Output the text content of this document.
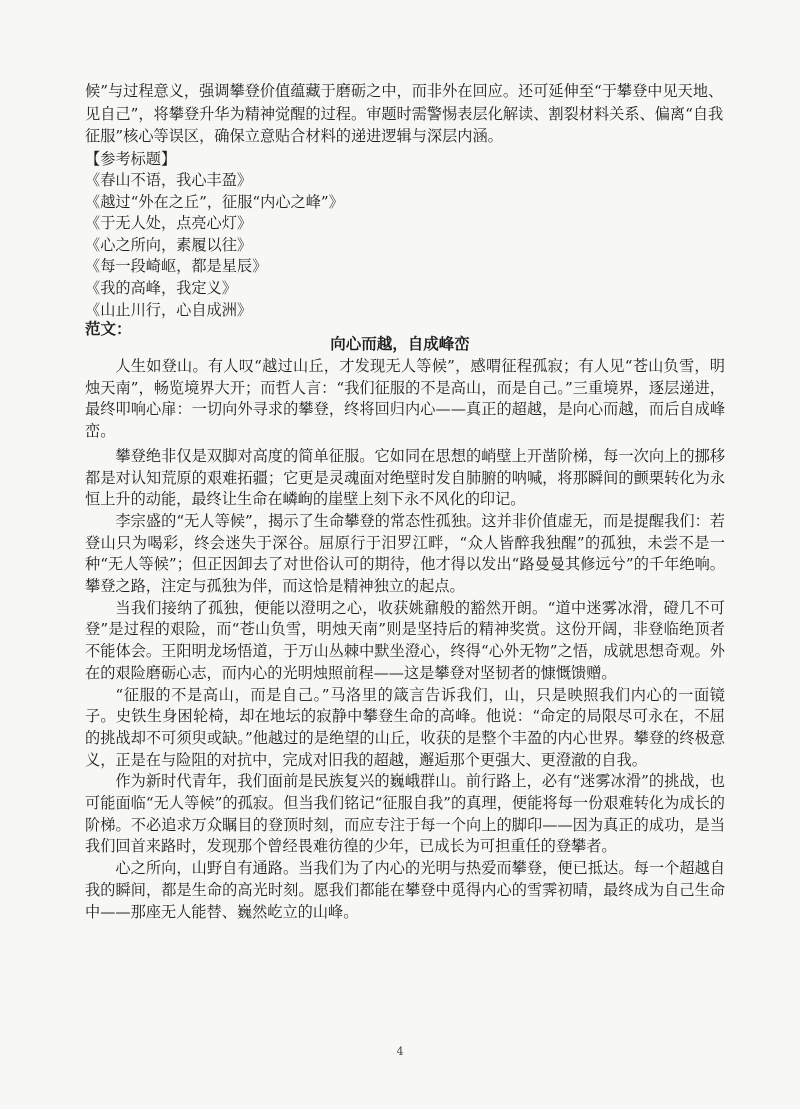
候”与过程意义，强调攀登价值蕴藏于磨砺之中，而非外在回应。还可延伸至“于攀登中见天地、见自己”，将攀登升华为精神觉醒的过程。审题时需警惕表层化解读、割裂材料关系、偏离“自我征服”核心等误区，确保立意贴合材料的递进逻辑与深层内涵。

【参考标题】
《春山不语，我心丰盈》
《越过“外在之丘”，征服“内心之峰”》
《于无人处，点亮心灯》
《心之所向，素履以往》
《每一段崎岖，都是星辰》
《我的高峰，我定义》
《山止川行，心自成洲》
范文：
向心而越，自成峰峦

人生如登山。有人叹“越过山丘，才发现无人等候”，感喟征程孤寂；有人见“苍山负雪，明烛天南”，畅览境界大开；而哲人言：“我们征服的不是高山，而是自己。”三重境界，逐层递进，最终叩响心扉：一切向外寻求的攀登，终将回归内心——真正的超越，是向心而越，而后自成峰峦。

攀登绝非仅是双脚对高度的简单征服。它如同在思想的峭壁上开凿阶梯，每一次向上的挪移都是对认知荒原的艰难拓疆；它更是灵魂面对绝壁时发自肺腑的呐喊，将那瞬间的颤栗转化为永恒上升的动能，最终让生命在嶙峋的崖壁上刻下永不风化的印记。

李宗盛的“无人等候”，揭示了生命攀登的常态性孤独。这并非价值虚无，而是提醒我们：若登山只为喝彩，终会迷失于深谷。屈原行于汨罗江畔，“众人皆醉我独醒”的孤独，未尝不是一种“无人等候”；但正因卸去了对世俗认可的期待，他才得以发出“路曼曼其修远兮”的千年绝响。攀登之路，注定与孤独为伴，而这恰是精神独立的起点。

当我们接纳了孤独，便能以澄明之心，收获姚鼐般的豁然开朗。“道中迷雾冰滑，磴几不可登”是过程的艰险，而“苍山负雪，明烛天南”则是坚持后的精神奖赏。这份开阔，非登临绝顶者不能体会。王阳明龙场悟道，于万山丛棘中默坐澄心，终得“心外无物”之悟，成就思想奇观。外在的艰险磨砺心志，而内心的光明烛照前程——这是攀登对坚韧者的慷慨馈赠。

“征服的不是高山，而是自己。”马洛里的箴言告诉我们，山，只是映照我们内心的一面镜子。史铁生身困轮椅，却在地坛的寂静中攀登生命的高峰。他说：“命定的局限尽可永在，不屈的挑战却不可须臾或缺。”他越过的是绝望的山丘，收获的是整个丰盈的内心世界。攀登的终极意义，正是在与险阻的对抗中，完成对旧我的超越，邂逅那个更强大、更澄澈的自我。

作为新时代青年，我们面前是民族复兴的巍峨群山。前行路上，必有“迷雾冰滑”的挑战，也可能面临“无人等候”的孤寂。但当我们铭记“征服自我”的真理，便能将每一份艰难转化为成长的阶梯。不必追求万众瞩目的登顶时刻，而应专注于每一个向上的脚印——因为真正的成功，是当我们回首来路时，发现那个曾经畏难彷徨的少年，已成长为可担重任的登攀者。

心之所向，山野自有通路。当我们为了内心的光明与热爱而攀登，便已抵达。每一个超越自我的瞬间，都是生命的高光时刻。愿我们都能在攀登中觅得内心的雪霁初晴，最终成为自己生命中——那座无人能替、巍然屹立的山峰。

4
